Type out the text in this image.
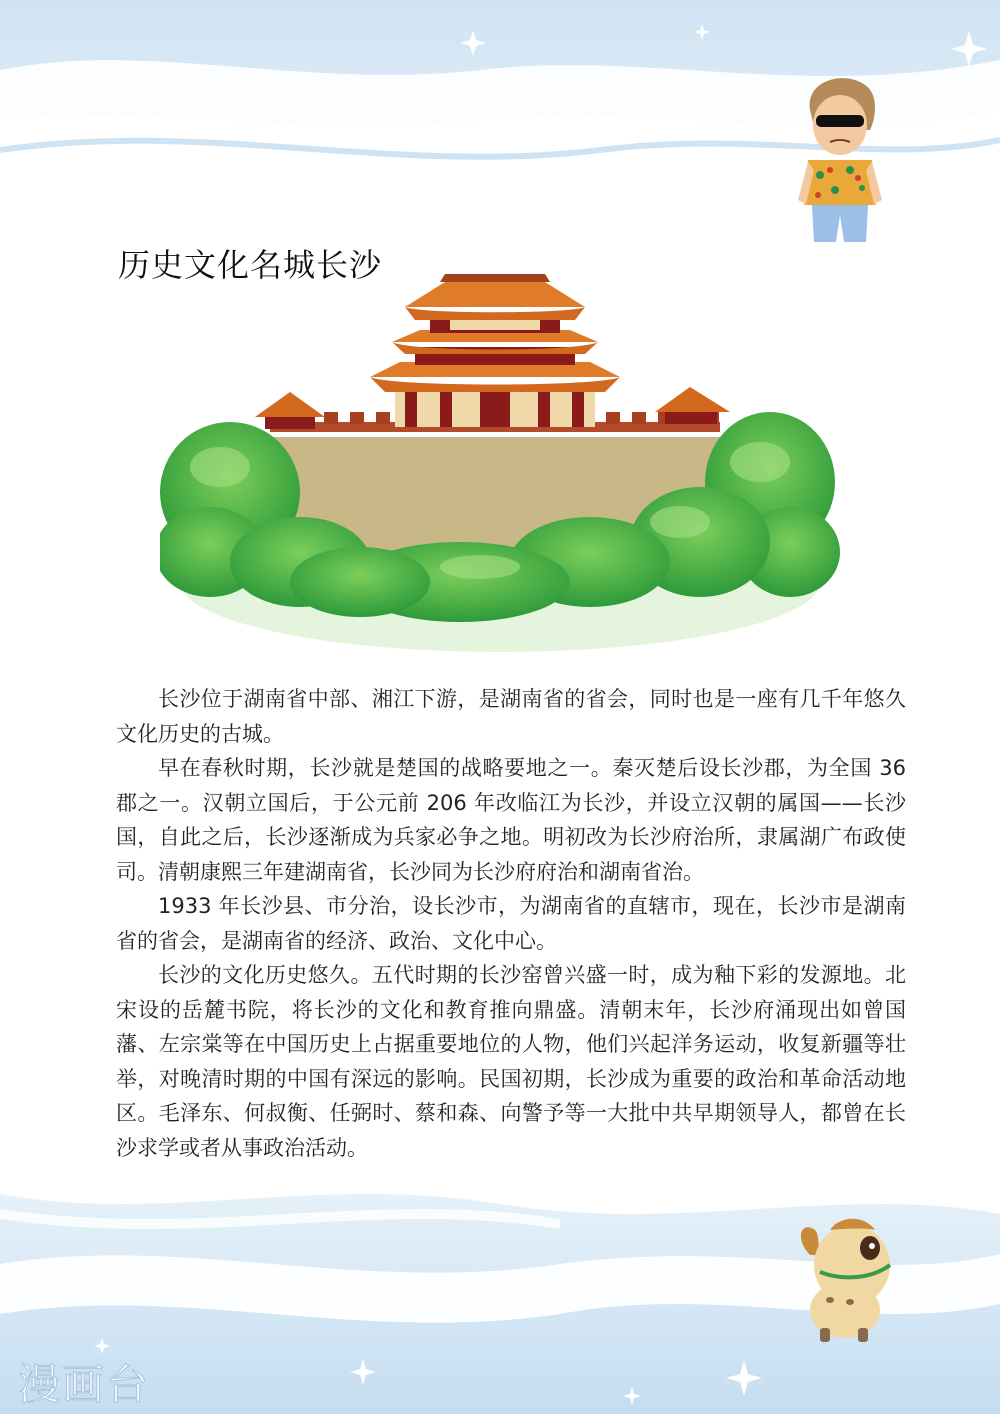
历史文化名城长沙

长沙位于湖南省中部、湘江下游，是湖南省的省会，同时也是一座有几千年悠久文化历史的古城。

早在春秋时期，长沙就是楚国的战略要地之一。秦灭楚后设长沙郡，为全国 36 郡之一。汉朝立国后，于公元前 206 年改临江为长沙，并设立汉朝的属国——长沙国，自此之后，长沙逐渐成为兵家必争之地。明初改为长沙府治所，隶属湖广布政使司。清朝康熙三年建湖南省，长沙同为长沙府府治和湖南省治。

1933 年长沙县、市分治，设长沙市，为湖南省的直辖市，现在，长沙市是湖南省的省会，是湖南省的经济、政治、文化中心。

长沙的文化历史悠久。五代时期的长沙窑曾兴盛一时，成为釉下彩的发源地。北宋设的岳麓书院，将长沙的文化和教育推向鼎盛。清朝末年，长沙府涌现出如曾国藩、左宗棠等在中国历史上占据重要地位的人物，他们兴起洋务运动，收复新疆等壮举，对晚清时期的中国有深远的影响。民国初期，长沙成为重要的政治和革命活动地区。毛泽东、何叔衡、任弼时、蔡和森、向警予等一大批中共早期领导人，都曾在长沙求学或者从事政治活动。

漫画台
